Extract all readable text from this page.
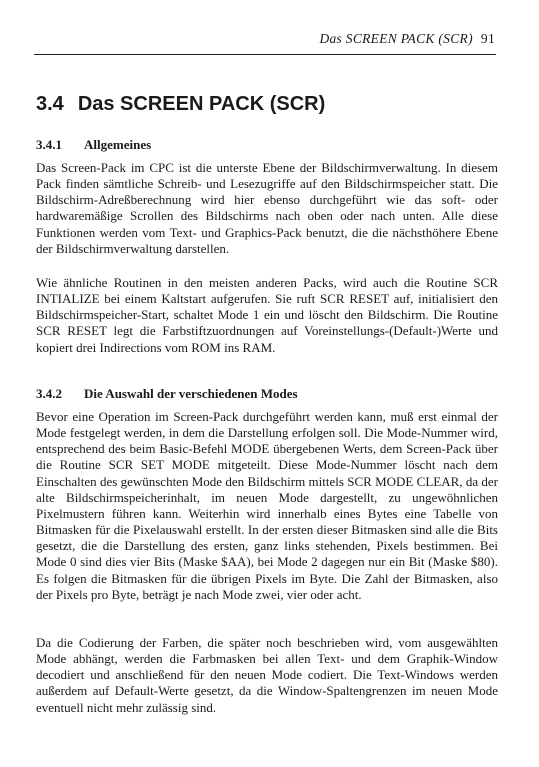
Das SCREEN PACK (SCR) 91
3.4 Das SCREEN PACK (SCR)
3.4.1 Allgemeines

Das Screen-Pack im CPC ist die unterste Ebene der Bildschirmverwaltung. In diesem Pack finden sämtliche Schreib- und Lesezugriffe auf den Bildschirmspeicher statt. Die Bildschirm-Adreßberechnung wird hier ebenso durchgeführt wie das soft- oder hardwaremäßige Scrollen des Bildschirms nach oben oder nach unten. Alle diese Funktionen werden vom Text- und Graphics-Pack benutzt, die die nächsthöhere Ebene der Bildschirmverwaltung darstellen.

Wie ähnliche Routinen in den meisten anderen Packs, wird auch die Routine SCR INTIALIZE bei einem Kaltstart aufgerufen. Sie ruft SCR RESET auf, initialisiert den Bildschirmspeicher-Start, schaltet Mode 1 ein und löscht den Bildschirm. Die Routine SCR RESET legt die Farbstiftzuordnungen auf Voreinstellungs-(Default-)Werte und kopiert drei Indirections vom ROM ins RAM.

3.4.2 Die Auswahl der verschiedenen Modes

Bevor eine Operation im Screen-Pack durchgeführt werden kann, muß erst einmal der Mode festgelegt werden, in dem die Darstellung erfolgen soll. Die Mode-Nummer wird, entsprechend des beim Basic-Befehl MODE übergebenen Werts, dem Screen-Pack über die Routine SCR SET MODE mitgeteilt. Diese Mode-Nummer löscht nach dem Einschalten des gewünschten Mode den Bildschirm mittels SCR MODE CLEAR, da der alte Bildschirmspeicherinhalt, im neuen Mode dargestellt, zu ungewöhnlichen Pixelmustern führen kann. Weiterhin wird innerhalb eines Bytes eine Tabelle von Bitmasken für die Pixelauswahl erstellt. In der ersten dieser Bitmasken sind alle die Bits gesetzt, die die Darstellung des ersten, ganz links stehenden, Pixels bestimmen. Bei Mode 0 sind dies vier Bits (Maske $AA), bei Mode 2 dagegen nur ein Bit (Maske $80). Es folgen die Bitmasken für die übrigen Pixels im Byte. Die Zahl der Bitmasken, also der Pixels pro Byte, beträgt je nach Mode zwei, vier oder acht.

Da die Codierung der Farben, die später noch beschrieben wird, vom ausgewählten Mode abhängt, werden die Farbmasken bei allen Text- und dem Graphik-Window decodiert und anschließend für den neuen Mode codiert. Die Text-Windows werden außerdem auf Default-Werte gesetzt, da die Window-Spaltengrenzen im neuen Mode eventuell nicht mehr zulässig sind.
